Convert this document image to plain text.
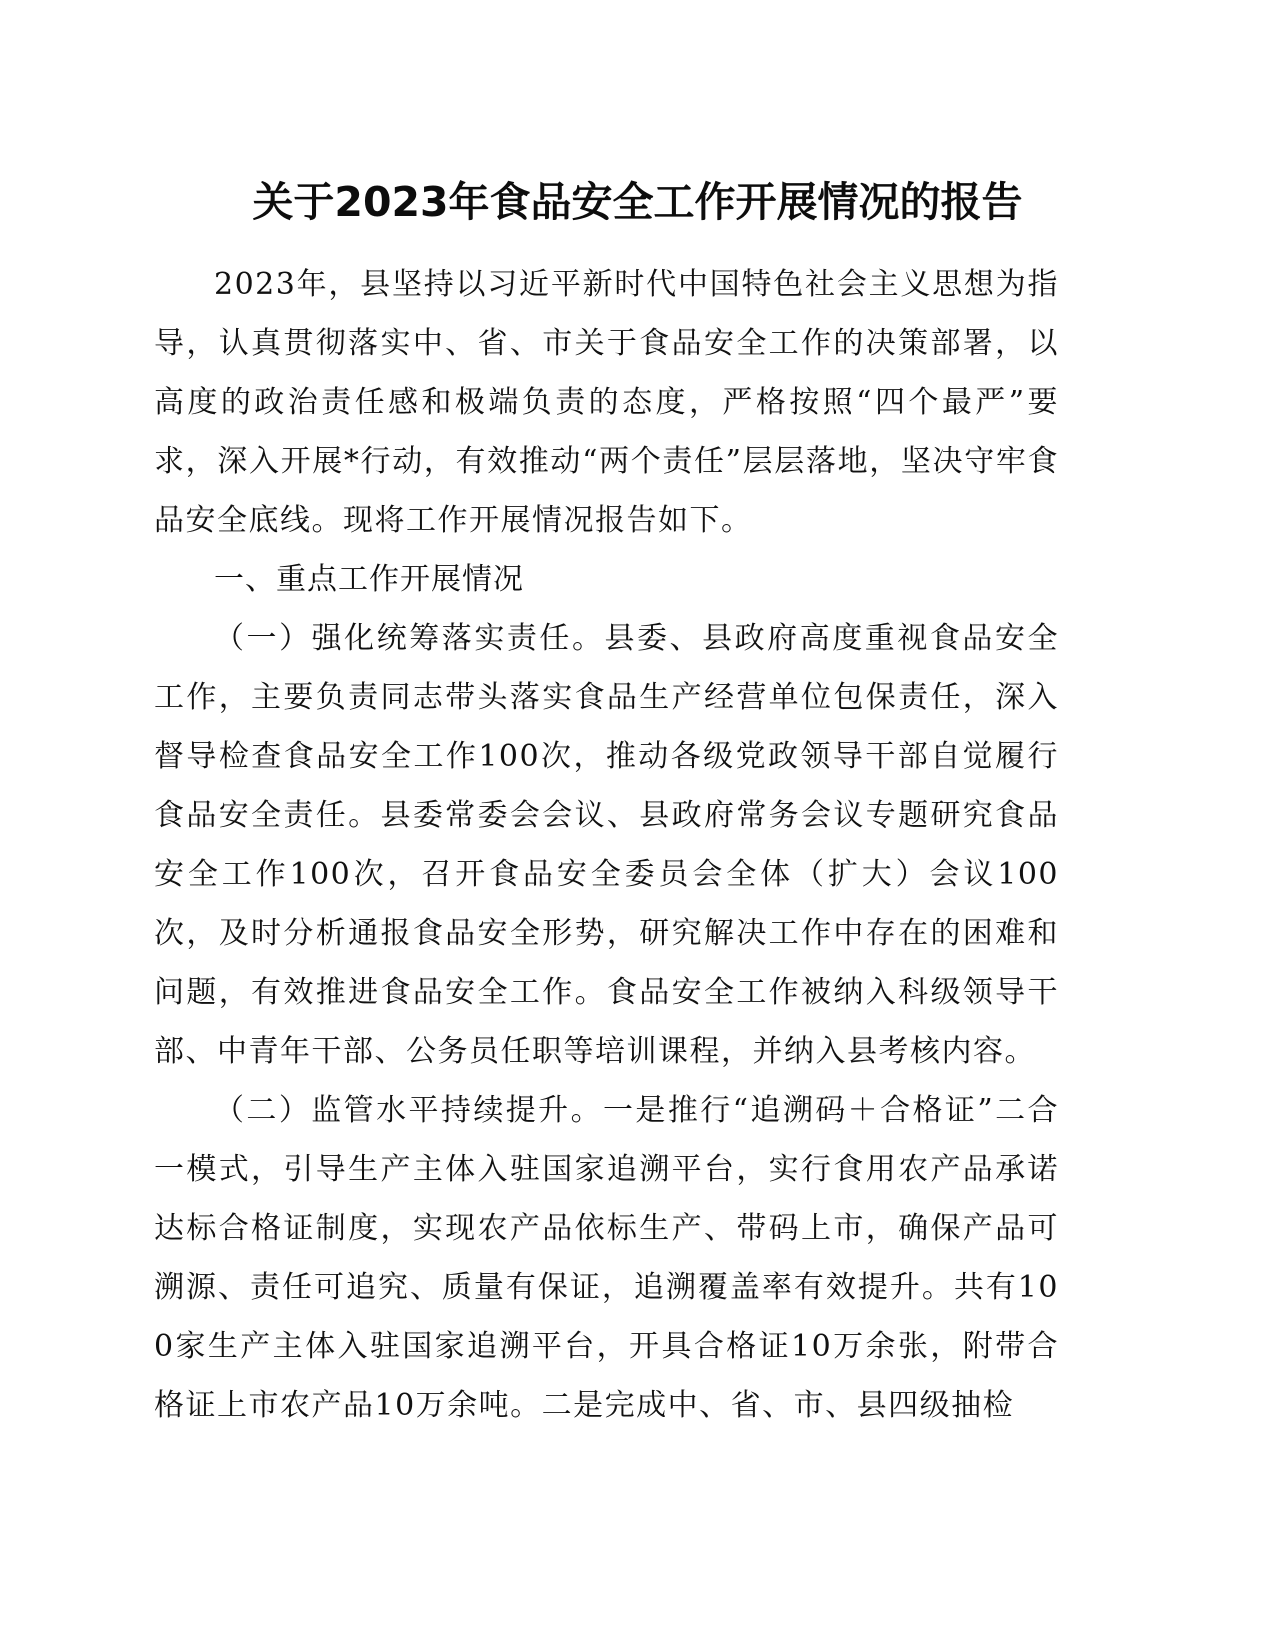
关于2023年食品安全工作开展情况的报告

2023年，县坚持以习近平新时代中国特色社会主义思想为指导，认真贯彻落实中、省、市关于食品安全工作的决策部署，以高度的政治责任感和极端负责的态度，严格按照“四个最严”要求，深入开展*行动，有效推动“两个责任”层层落地，坚决守牢食品安全底线。现将工作开展情况报告如下。

一、重点工作开展情况

（一）强化统筹落实责任。县委、县政府高度重视食品安全工作，主要负责同志带头落实食品生产经营单位包保责任，深入督导检查食品安全工作100次，推动各级党政领导干部自觉履行食品安全责任。县委常委会会议、县政府常务会议专题研究食品安全工作100次，召开食品安全委员会全体（扩大）会议100次，及时分析通报食品安全形势，研究解决工作中存在的困难和问题，有效推进食品安全工作。食品安全工作被纳入科级领导干部、中青年干部、公务员任职等培训课程，并纳入县考核内容。

（二）监管水平持续提升。一是推行“追溯码＋合格证”二合一模式，引导生产主体入驻国家追溯平台，实行食用农产品承诺达标合格证制度，实现农产品依标生产、带码上市，确保产品可溯源、责任可追究、质量有保证，追溯覆盖率有效提升。共有100家生产主体入驻国家追溯平台，开具合格证10万余张，附带合格证上市农产品10万余吨。二是完成中、省、市、县四级抽检
